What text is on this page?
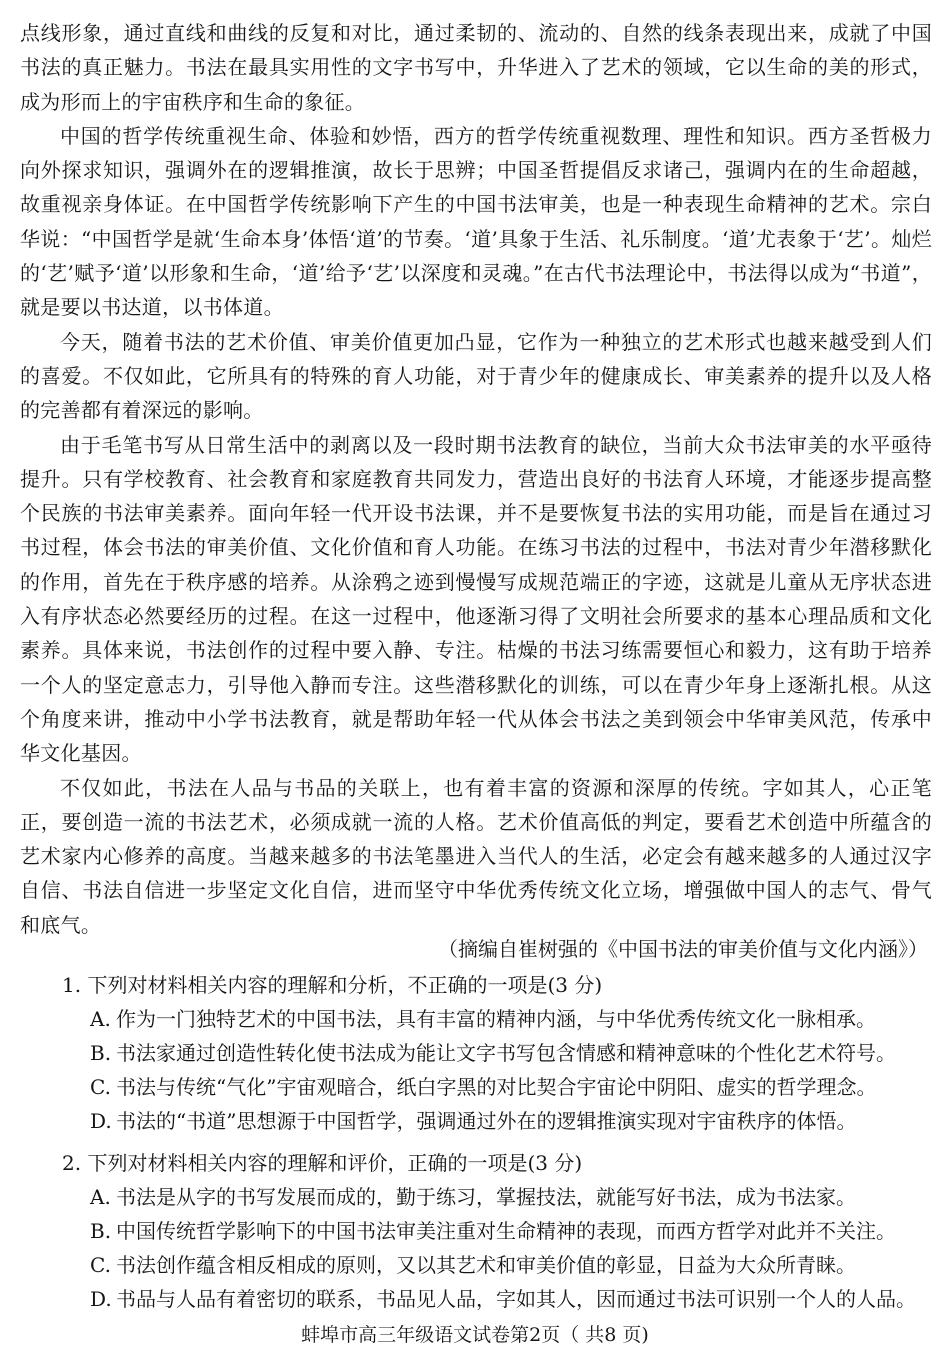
点线形象，通过直线和曲线的反复和对比，通过柔韧的、流动的、自然的线条表现出来，成就了中国书法的真正魅力。书法在最具实用性的文字书写中，升华进入了艺术的领域，它以生命的美的形式，成为形而上的宇宙秩序和生命的象征。

中国的哲学传统重视生命、体验和妙悟，西方的哲学传统重视数理、理性和知识。西方圣哲极力向外探求知识，强调外在的逻辑推演，故长于思辨；中国圣哲提倡反求诸己，强调内在的生命超越，故重视亲身体证。在中国哲学传统影响下产生的中国书法审美，也是一种表现生命精神的艺术。宗白华说：“中国哲学是就‘生命本身’体悟‘道’的节奏。‘道’具象于生活、礼乐制度。‘道’尤表象于‘艺’。灿烂的‘艺’赋予‘道’以形象和生命，‘道’给予‘艺’以深度和灵魂。”在古代书法理论中，书法得以成为“书道”，就是要以书达道，以书体道。

今天，随着书法的艺术价值、审美价值更加凸显，它作为一种独立的艺术形式也越来越受到人们的喜爱。不仅如此，它所具有的特殊的育人功能，对于青少年的健康成长、审美素养的提升以及人格的完善都有着深远的影响。

由于毛笔书写从日常生活中的剥离以及一段时期书法教育的缺位，当前大众书法审美的水平亟待提升。只有学校教育、社会教育和家庭教育共同发力，营造出良好的书法育人环境，才能逐步提高整个民族的书法审美素养。面向年轻一代开设书法课，并不是要恢复书法的实用功能，而是旨在通过习书过程，体会书法的审美价值、文化价值和育人功能。在练习书法的过程中，书法对青少年潜移默化的作用，首先在于秩序感的培养。从涂鸦之迹到慢慢写成规范端正的字迹，这就是儿童从无序状态进入有序状态必然要经历的过程。在这一过程中，他逐渐习得了文明社会所要求的基本心理品质和文化素养。具体来说，书法创作的过程中要入静、专注。枯燥的书法习练需要恒心和毅力，这有助于培养一个人的坚定意志力，引导他入静而专注。这些潜移默化的训练，可以在青少年身上逐渐扎根。从这个角度来讲，推动中小学书法教育，就是帮助年轻一代从体会书法之美到领会中华审美风范，传承中华文化基因。

不仅如此，书法在人品与书品的关联上，也有着丰富的资源和深厚的传统。字如其人，心正笔正，要创造一流的书法艺术，必须成就一流的人格。艺术价值高低的判定，要看艺术创造中所蕴含的艺术家内心修养的高度。当越来越多的书法笔墨进入当代人的生活，必定会有越来越多的人通过汉字自信、书法自信进一步坚定文化自信，进而坚守中华优秀传统文化立场，增强做中国人的志气、骨气和底气。

（摘编自崔树强的《中国书法的审美价值与文化内涵》）

1. 下列对材料相关内容的理解和分析，不正确的一项是(3 分)

A. 作为一门独特艺术的中国书法，具有丰富的精神内涵，与中华优秀传统文化一脉相承。

B. 书法家通过创造性转化使书法成为能让文字书写包含情感和精神意味的个性化艺术符号。

C. 书法与传统“气化”宇宙观暗合，纸白字黑的对比契合宇宙论中阴阳、虚实的哲学理念。

D. 书法的“书道”思想源于中国哲学，强调通过外在的逻辑推演实现对宇宙秩序的体悟。

2. 下列对材料相关内容的理解和评价，正确的一项是(3 分)

A. 书法是从字的书写发展而成的，勤于练习，掌握技法，就能写好书法，成为书法家。

B. 中国传统哲学影响下的中国书法审美注重对生命精神的表现，而西方哲学对此并不关注。

C. 书法创作蕴含相反相成的原则，又以其艺术和审美价值的彰显，日益为大众所青睐。

D. 书品与人品有着密切的联系，书品见人品，字如其人，因而通过书法可识别一个人的人品。

蚌埠市高三年级语文试卷第2页（ 共8 页)
